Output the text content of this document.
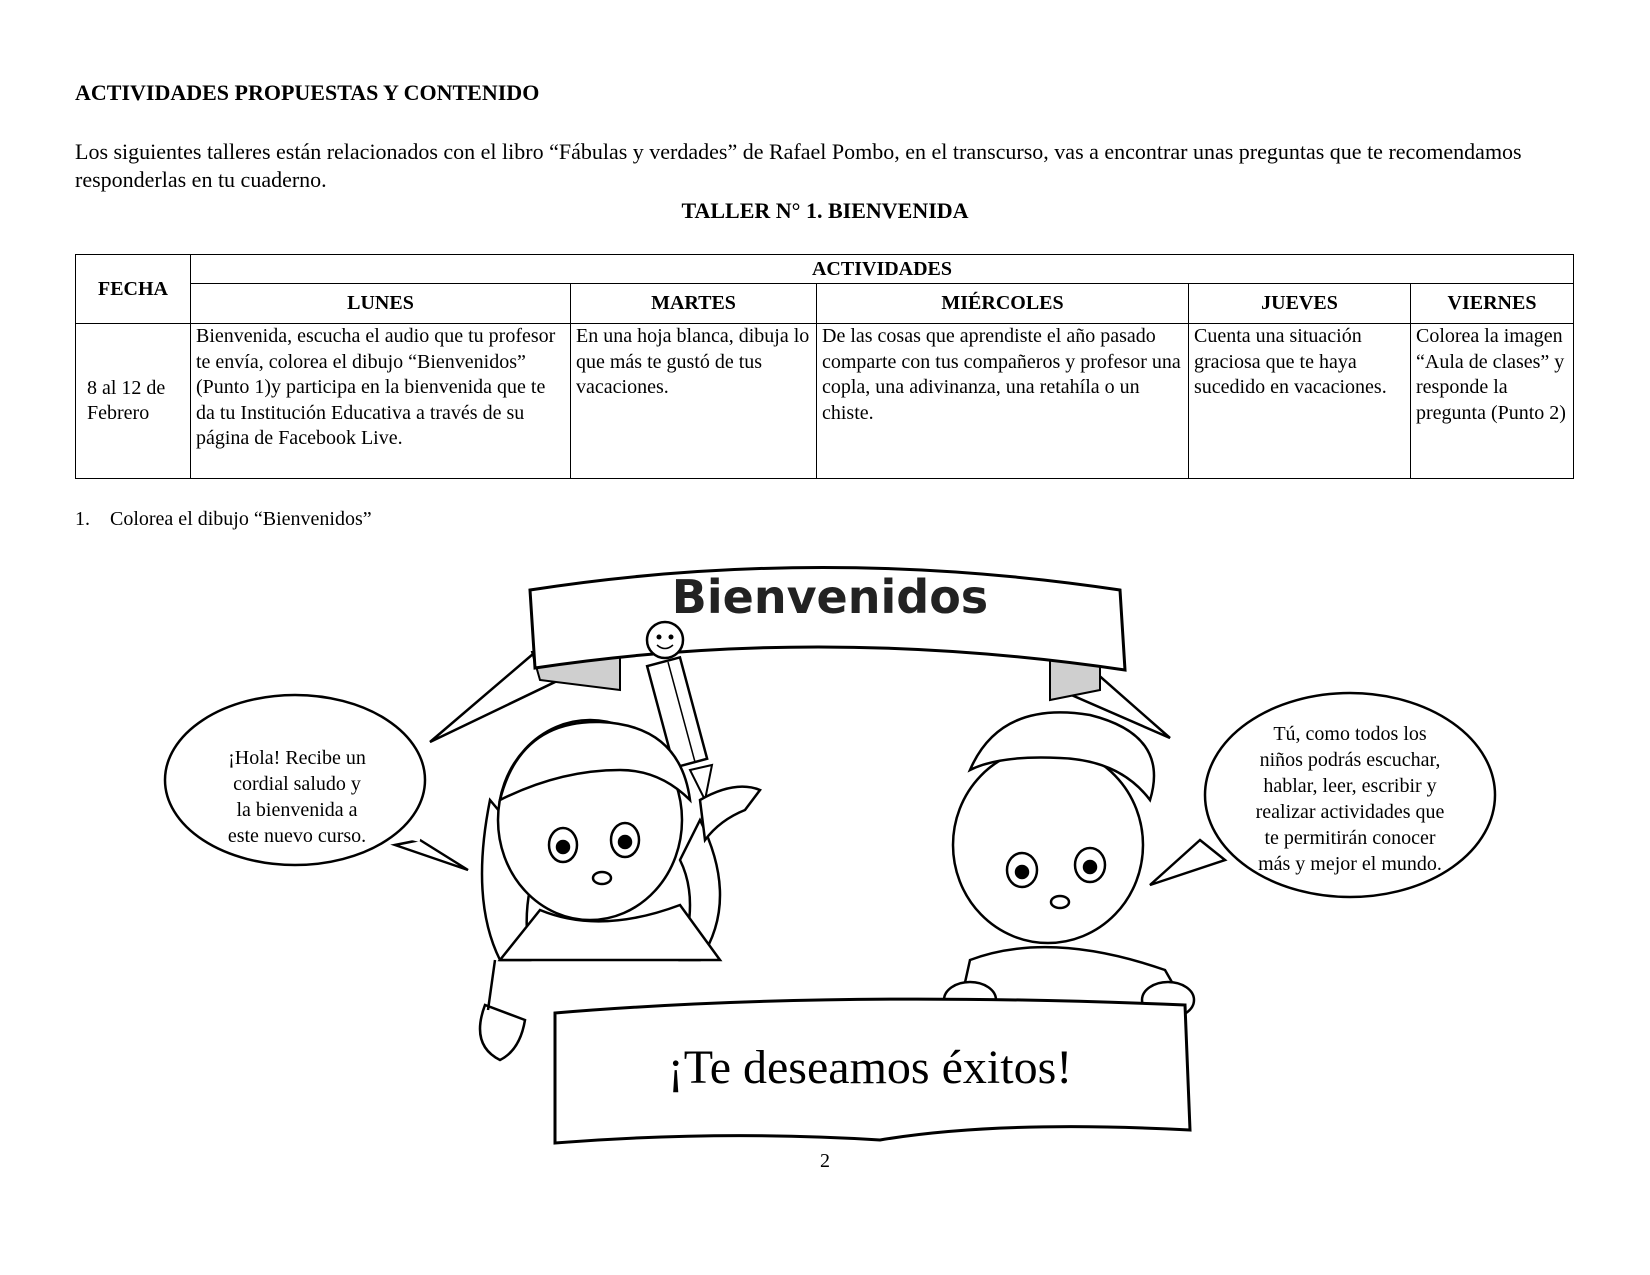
ACTIVIDADES PROPUESTAS Y CONTENIDO

Los siguientes talleres están relacionados con el libro “Fábulas y verdades” de Rafael Pombo, en el transcurso, vas a encontrar unas preguntas que te recomendamos responderlas en tu cuaderno.

TALLER N° 1. BIENVENIDA
FECHA	ACTIVIDADES				
	LUNES	MARTES	MIÉRCOLES	JUEVES	VIERNES
8 al 12 de Febrero	Bienvenida, escucha el audio que tu profesor te envía, colorea el dibujo “Bienvenidos” (Punto 1)y participa en la bienvenida que te da tu Institución Educativa a través de su página de Facebook Live.	En una hoja blanca, dibuja lo que más te gustó de tus vacaciones.	De las cosas que aprendiste el año pasado comparte con tus compañeros y profesor una copla, una adivinanza, una retahíla o un chiste.	Cuenta una situación graciosa que te haya sucedido en vacaciones.	Colorea la imagen “Aula de clases” y responde la pregunta (Punto 2)

1. Colorea el dibujo “Bienvenidos”

Bienvenidos
¡Hola! Recibe un
cordial saludo y
la bienvenida a
este nuevo curso.
Tú, como todos los
niños podrás escuchar,
hablar, leer, escribir y
realizar actividades que
te permitirán conocer
más y mejor el mundo.
¡Te deseamos éxitos!
2
